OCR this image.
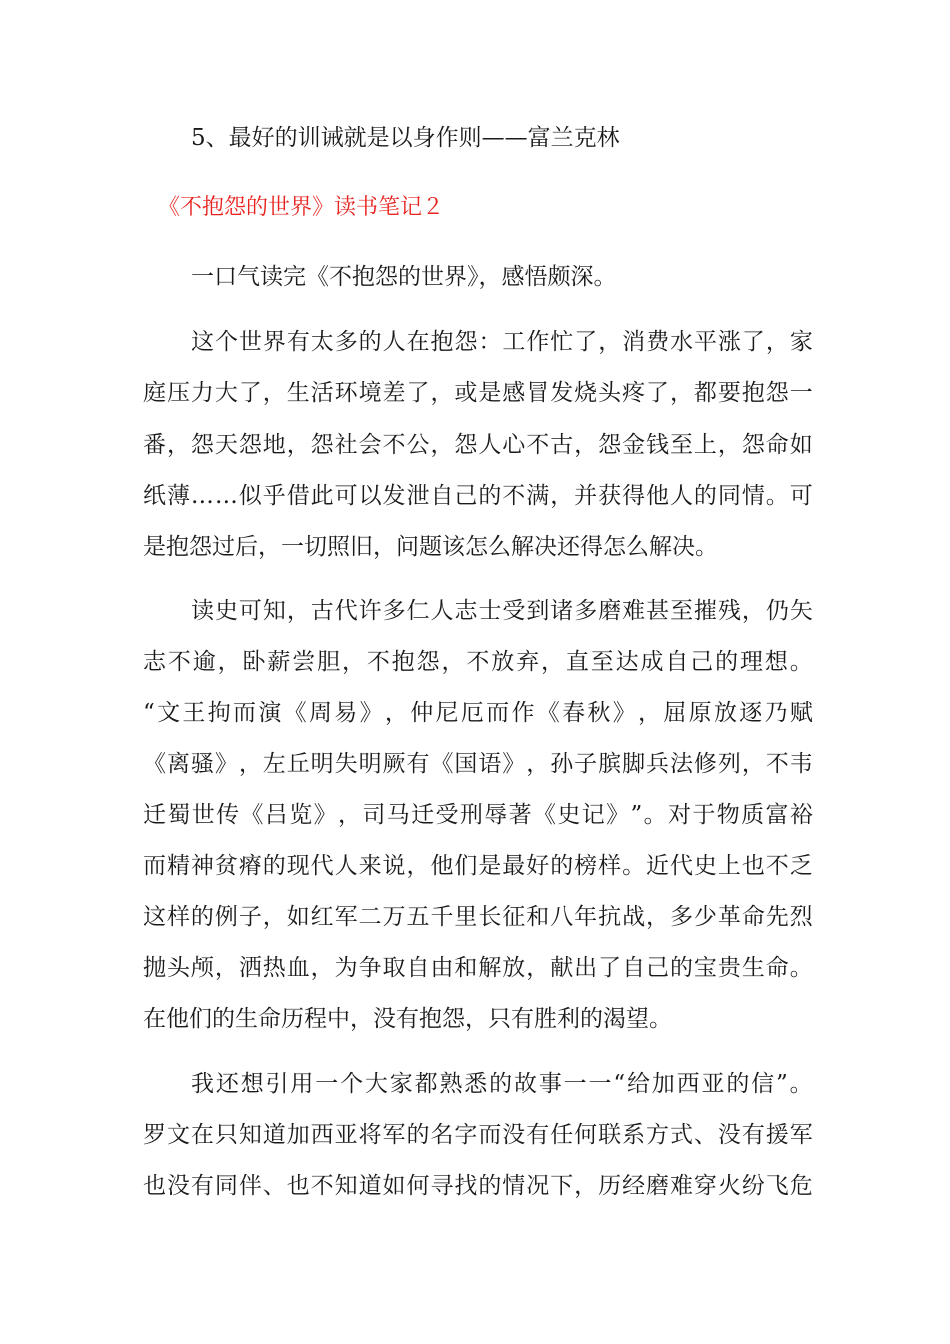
5、最好的训诫就是以身作则——富兰克林
《不抱怨的世界》读书笔记２
一口气读完《不抱怨的世界》，感悟颇深。
这 个 世 界 有 太 多 的 人 在 抱 怨 ： 工 作 忙 了 ， 消 费 水 平 涨 了 ， 家
庭 压 力 大 了 ， 生 活 环 境 差 了 ， 或 是 感 冒 发 烧 头 疼 了 ， 都 要 抱 怨 一
番 ， 怨 天 怨 地 ， 怨 社 会 不 公 ， 怨 人 心 不 古 ， 怨 金 钱 至 上 ， 怨 命 如
纸 薄 … … 似 乎 借 此 可 以 发 泄 自 己 的 不 满 ， 并 获 得 他 人 的 同 情 。 可
是抱怨过后，一切照旧，问题该怎么解决还得怎么解决。
读 史 可 知 ， 古 代 许 多 仁 人 志 士 受 到 诸 多 磨 难 甚 至 摧 残 ， 仍 矢
志 不 逾 ， 卧 薪 尝 胆 ， 不 抱 怨 ， 不 放 弃 ， 直 至 达 成 自 己 的 理 想 。
“ 文 王 拘 而 演 《 周 易 》 ， 仲 尼 厄 而 作 《 春 秋 》 ， 屈 原 放 逐 乃 赋
《 离 骚 》 ， 左 丘 明 失 明 厥 有 《 国 语 》 ， 孙 子 膑 脚 兵 法 修 列 ， 不 韦
迁 蜀 世 传 《 吕 览 》 ， 司 马 迁 受 刑 辱 著 《 史 记 》 ” 。 对 于 物 质 富 裕
而 精 神 贫 瘠 的 现 代 人 来 说 ， 他 们 是 最 好 的 榜 样 。 近 代 史 上 也 不 乏
这 样 的 例 子 ， 如 红 军 二 万 五 千 里 长 征 和 八 年 抗 战 ， 多 少 革 命 先 烈
抛 头 颅 ， 洒 热 血 ， 为 争 取 自 由 和 解 放 ， 献 出 了 自 己 的 宝 贵 生 命 。
在他们的生命历程中，没有抱怨，只有胜利的渴望。
我 还 想 引 用 一 个 大 家 都 熟 悉 的 故 事 一 一 “ 给 加 西 亚 的 信 ” 。
罗 文 在 只 知 道 加 西 亚 将 军 的 名 字 而 没 有 任 何 联 系 方 式 、 没 有 援 军
也 没 有 同 伴 、 也 不 知 道 如 何 寻 找 的 情 况 下 ， 历 经 磨 难 穿 火 纷 飞 危
